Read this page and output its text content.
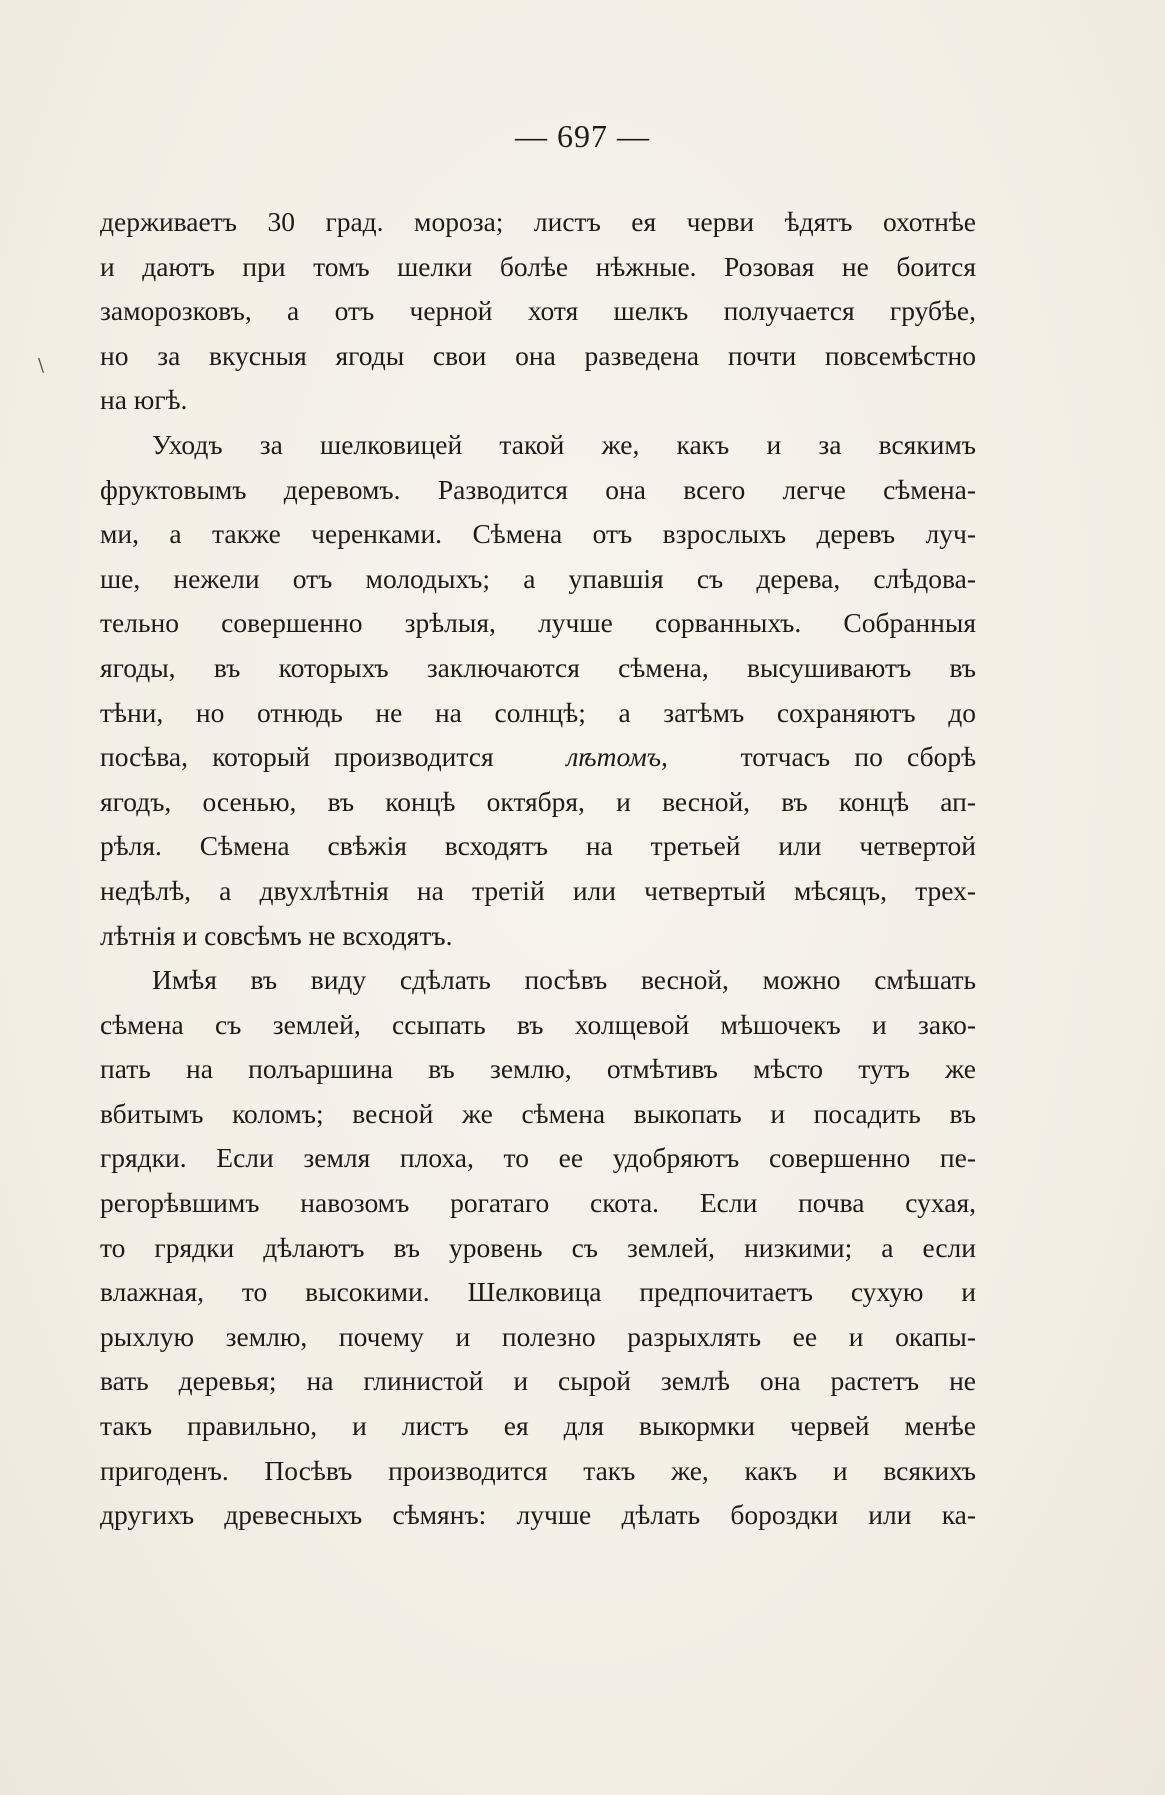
— 697 —
\
держиваетъ 30 град. мороза; листъ ея черви ѣдятъ охотнѣе
и даютъ при томъ шелки болѣе нѣжные. Розовая не боится
заморозковъ, а отъ черной хотя шелкъ получается грубѣе,
но за вкусныя ягоды свои она разведена почти повсемѣстно
на югѣ.
Уходъ за шелковицей такой же, какъ и за всякимъ
фруктовымъ деревомъ. Разводится она всего легче сѣмена-
ми, а также черенками. Сѣмена отъ взрослыхъ деревъ луч-
ше, нежели отъ молодыхъ; а упавшія съ дерева, слѣдова-
тельно совершенно зрѣлыя, лучше сорванныхъ. Собранныя
ягоды, въ которыхъ заключаются сѣмена, высушиваютъ въ
тѣни, но отнюдь не на солнцѣ; а затѣмъ сохраняютъ до
посѣва, который производится	лѣтомъ,	тотчасъ по сборѣ
ягодъ, осенью, въ концѣ октября, и весной, въ концѣ ап-
рѣля. Сѣмена свѣжія всходятъ на третьей или четвертой
недѣлѣ, а двухлѣтнія на третій или четвертый мѣсяцъ, трех-
лѣтнія и совсѣмъ не всходятъ.
Имѣя въ виду сдѣлать посѣвъ весной, можно смѣшать
сѣмена съ землей, ссыпать въ холщевой мѣшочекъ и зако-
пать на полъаршина въ землю, отмѣтивъ мѣсто тутъ же
вбитымъ коломъ; весной же сѣмена выкопать и посадить въ
грядки. Если земля плоха, то ее удобряютъ совершенно пе-
регорѣвшимъ навозомъ рогатаго скота. Если почва сухая,
то грядки дѣлаютъ въ уровень съ землей, низкими; а если
влажная, то высокими. Шелковица предпочитаетъ сухую и
рыхлую землю, почему и полезно разрыхлять ее и окапы-
вать деревья; на глинистой и сырой землѣ она растетъ не
такъ правильно, и листъ ея для выкормки червей менѣе
пригоденъ. Посѣвъ производится такъ же, какъ и всякихъ
другихъ древесныхъ сѣмянъ: лучше дѣлать бороздки или ка-
